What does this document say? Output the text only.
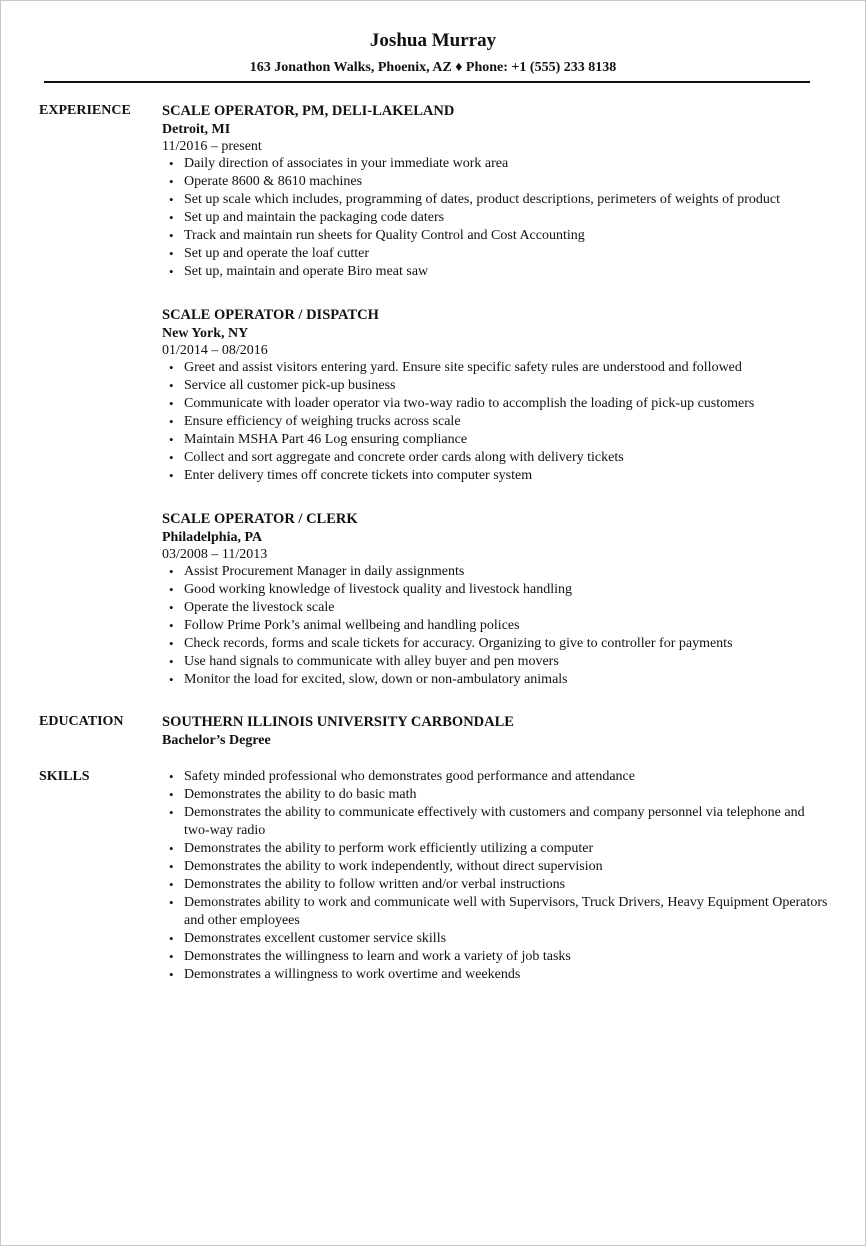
Joshua Murray
163 Jonathon Walks, Phoenix, AZ ♦ Phone: +1 (555) 233 8138
EXPERIENCE SCALE OPERATOR, PM, DELI-LAKELAND
Detroit, MI
11/2016 – present
• Daily direction of associates in your immediate work area
• Operate 8600 & 8610 machines
• Set up scale which includes, programming of dates, product descriptions, perimeters of weights of product
• Set up and maintain the packaging code daters
• Track and maintain run sheets for Quality Control and Cost Accounting
• Set up and operate the loaf cutter
• Set up, maintain and operate Biro meat saw
SCALE OPERATOR / DISPATCH
New York, NY
01/2014 – 08/2016
• Greet and assist visitors entering yard. Ensure site specific safety rules are understood and followed
• Service all customer pick-up business
• Communicate with loader operator via two-way radio to accomplish the loading of pick-up customers
• Ensure efficiency of weighing trucks across scale
• Maintain MSHA Part 46 Log ensuring compliance
• Collect and sort aggregate and concrete order cards along with delivery tickets
• Enter delivery times off concrete tickets into computer system
SCALE OPERATOR / CLERK
Philadelphia, PA
03/2008 – 11/2013
• Assist Procurement Manager in daily assignments
• Good working knowledge of livestock quality and livestock handling
• Operate the livestock scale
• Follow Prime Pork’s animal wellbeing and handling polices
• Check records, forms and scale tickets for accuracy. Organizing to give to controller for payments
• Use hand signals to communicate with alley buyer and pen movers
• Monitor the load for excited, slow, down or non-ambulatory animals
EDUCATION	SOUTHERN ILLINOIS UNIVERSITY CARBONDALE
Bachelor’s Degree
SKILLS
•	Safety minded professional who demonstrates good performance and attendance
• Demonstrates the ability to do basic math
• Demonstrates the ability to communicate effectively with customers and company personnel via telephone and two-way radio
• Demonstrates the ability to perform work efficiently utilizing a computer
• Demonstrates the ability to work independently, without direct supervision
• Demonstrates the ability to follow written and/or verbal instructions
• Demonstrates ability to work and communicate well with Supervisors, Truck Drivers, Heavy Equipment Operators and other employees
• Demonstrates excellent customer service skills
• Demonstrates the willingness to learn and work a variety of job tasks
• Demonstrates a willingness to work overtime and weekends
